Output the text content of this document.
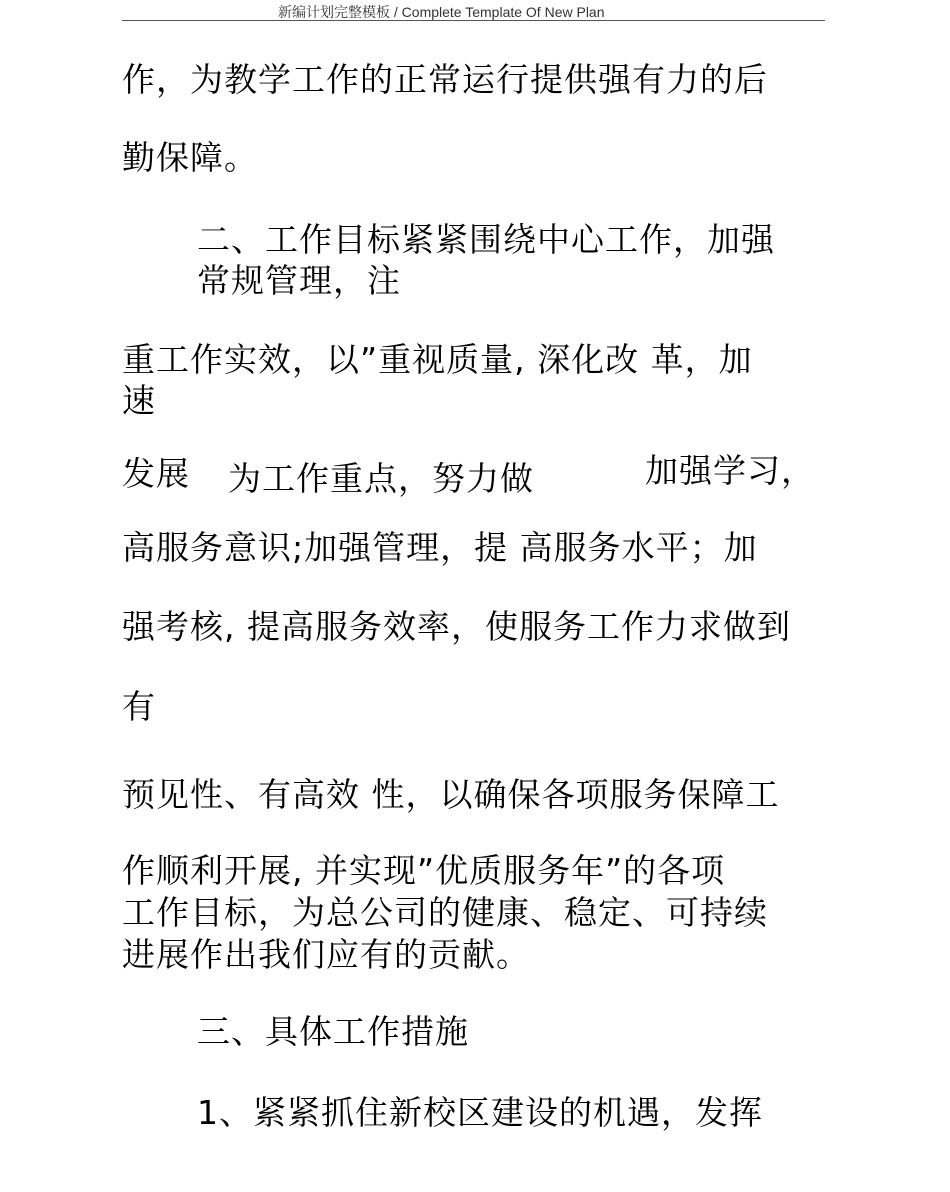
新编计划完整模板 / Complete Template Of New Plan
作，为教学工作的正常运行提供强有力的后
勤保障。
二、工作目标紧紧围绕中心工作，加强
常规管理，注
重工作实效，以”重视质量, 深化改 革，加
速
发展 为工作重点，努力做	加强学习，
高服务意识;加强管理，提 高服务水平；加
强考核, 提高服务效率，使服务工作力求做到
有
预见性、有高效 性，以确保各项服务保障工
作顺利开展, 并实现”优质服务年”的各项
工作目标，为总公司的健康、稳定、可持续
进展作出我们应有的贡献。
三、具体工作措施
1、紧紧抓住新校区建设的机遇，发挥
